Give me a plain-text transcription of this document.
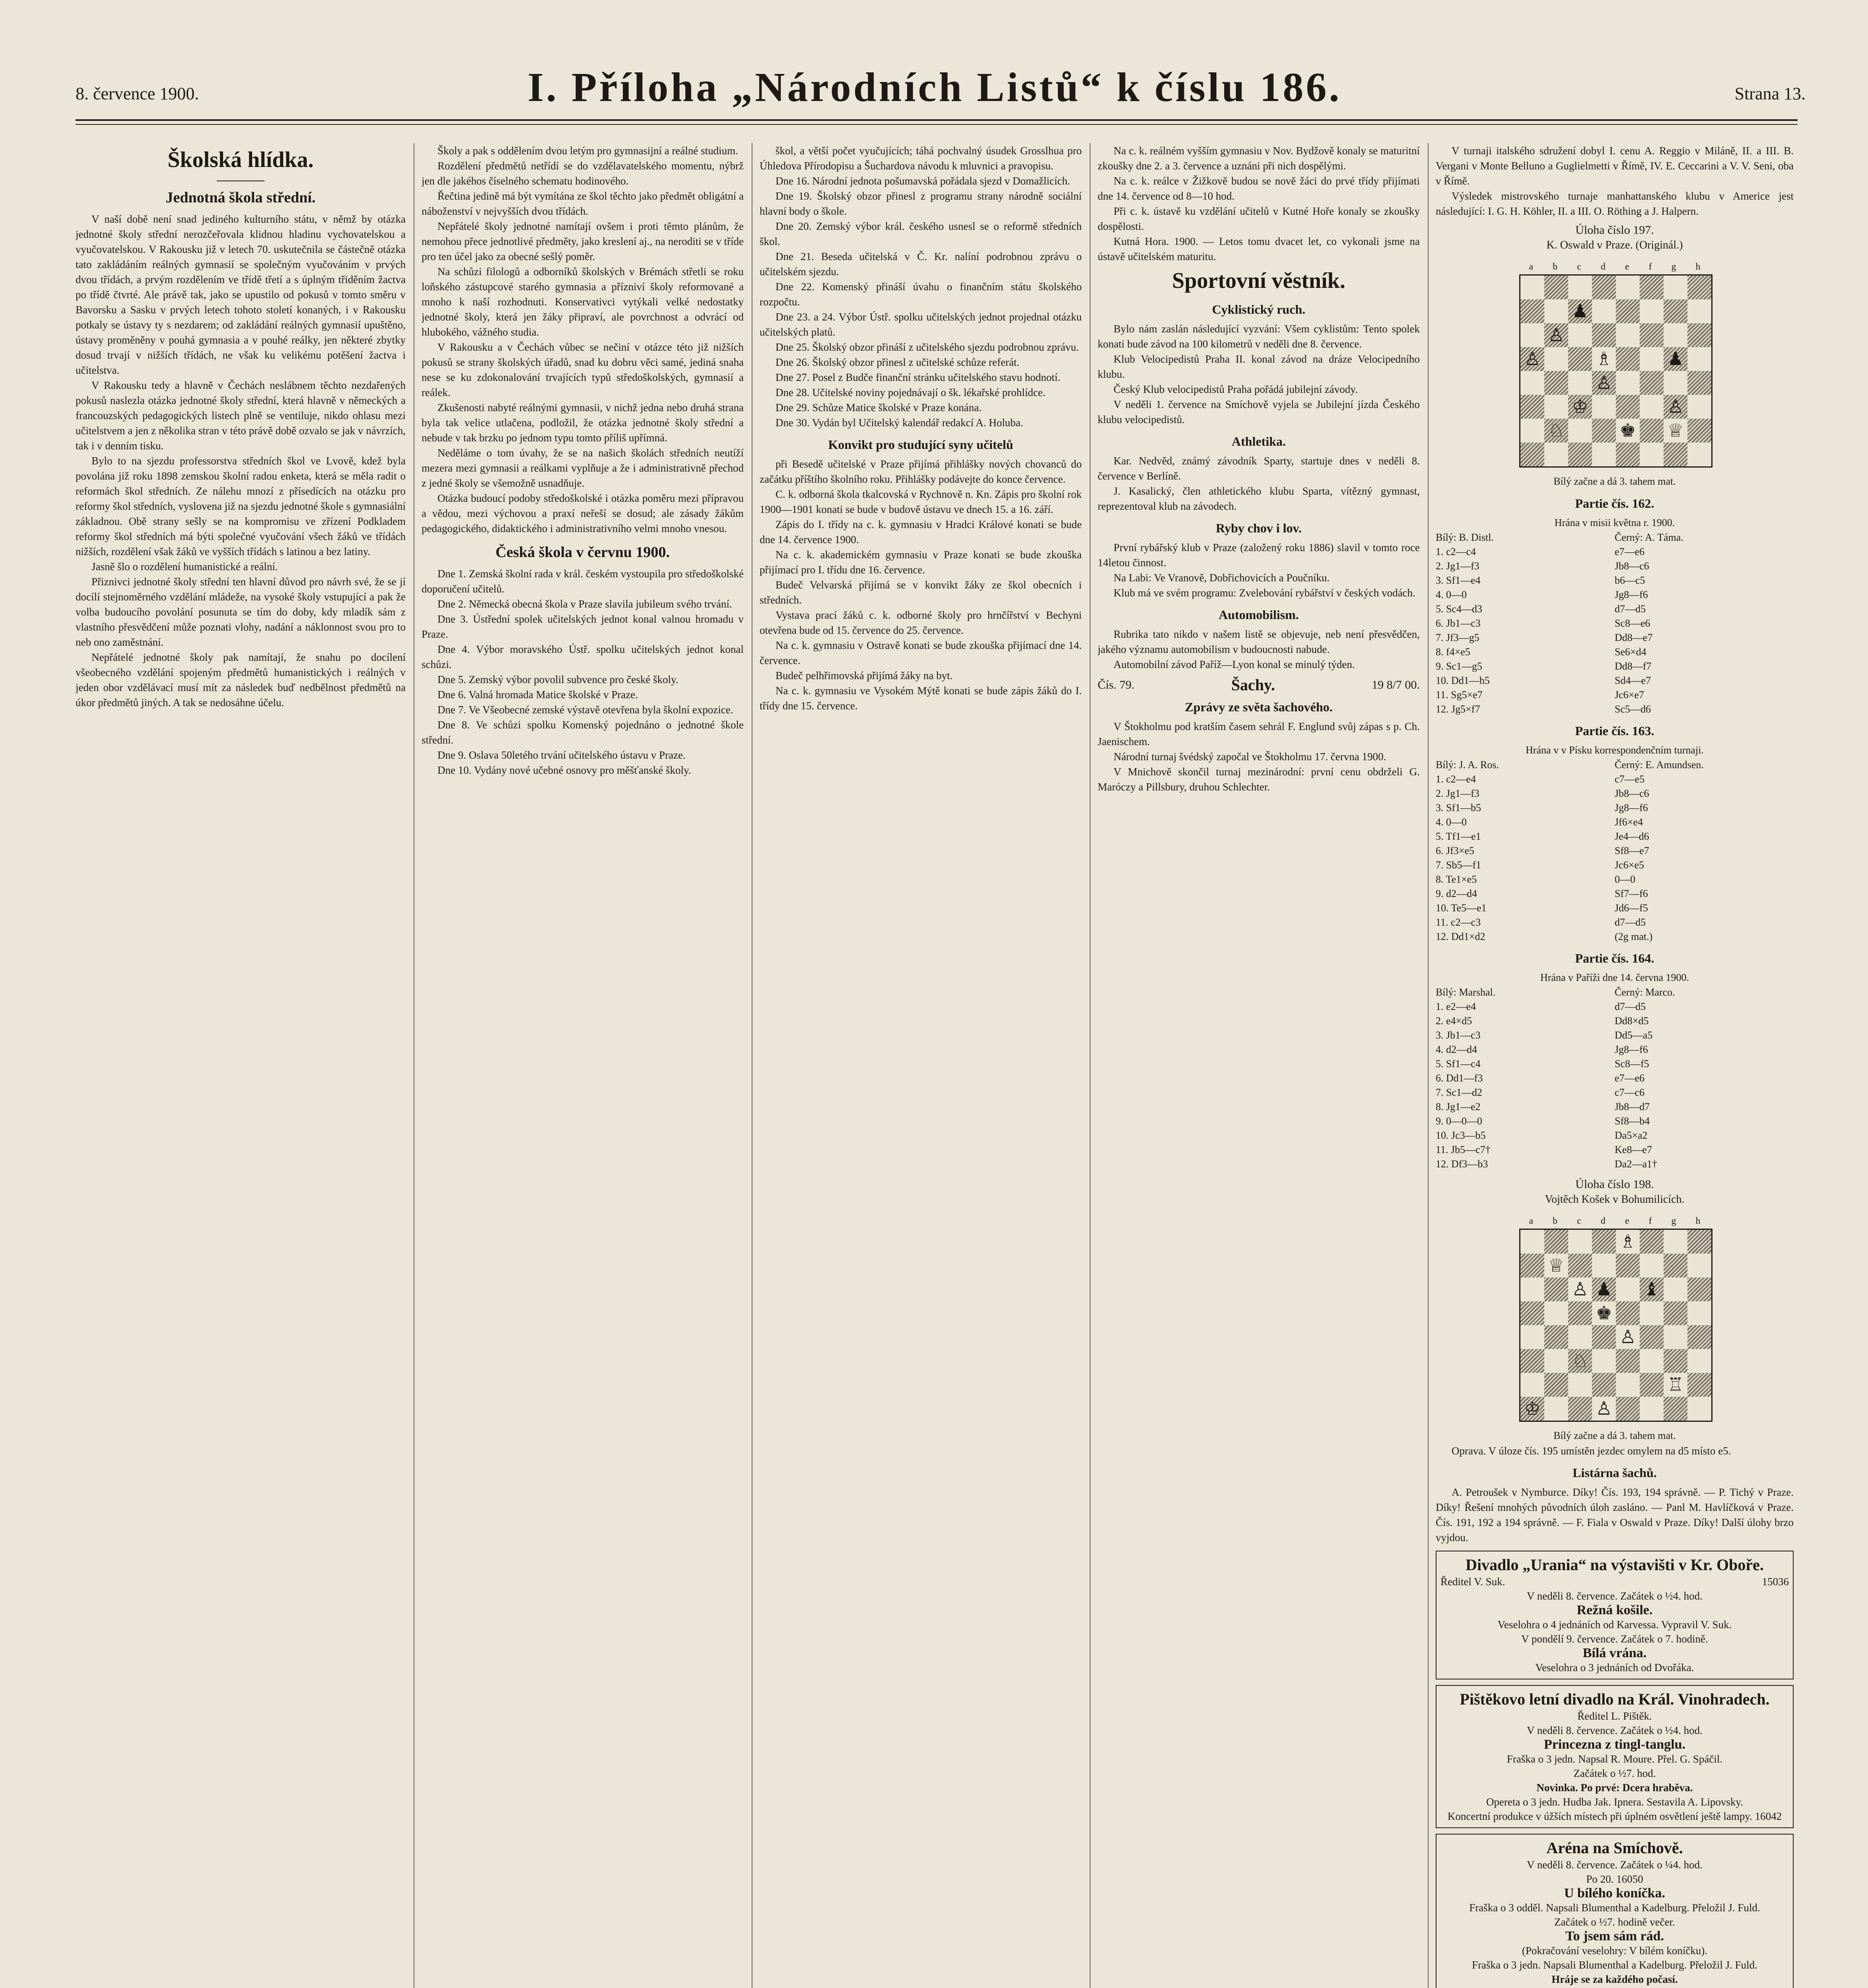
8. července 1900.	I. Příloha „Národních Listů“ k číslu 186.	Strana 13.
Školská hlídka.
Jednotná škola střední.

V naší době není snad jediného kulturního státu, v němž by otázka jednotné školy střední nerozčeřovala klidnou hladinu vychovatelskou a vyučovatelskou. V Rakousku již v letech 70. uskutečnila se částečně otázka tato zakládáním reálných gymnasií se společným vyučováním v prvých dvou třídách, a prvým rozdělením ve třídě třetí a s úplným třiděním žactva po třídě čtvrté. Ale právě tak, jako se upustilo od pokusů v tomto směru v Bavorsku a Sasku v prvých letech tohoto století konaných, i v Rakousku potkaly se ústavy ty s nezdarem; od zakládání reálných gymnasií upuštěno, ústavy proměněny v pouhá gymnasia a v pouhé reálky, jen některé zbytky dosud trvají v nižších třídách, ne však ku velikému potěšení žactva i učitelstva.

V Rakousku tedy a hlavně v Čechách neslábnem těchto nezdařených pokusů naslezla otázka jednotné školy střední, která hlavně v německých a francouzských pedagogických listech plně se ventiluje, nikdo ohlasu mezi učitelstvem a jen z několika stran v této právě době ozvalo se jak v návrzích, tak i v denním tisku.

Bylo to na sjezdu professorstva středních škol ve Lvově, kdež byla povolána již roku 1898 zemskou školní radou enketa, která se měla radit o reformách škol středních. Ze nálehu mnozí z přísedících na otázku pro reformy škol středních, vyslovena již na sjezdu jednotné škole s gymnasiální základnou. Obě strany sešly se na kompromisu ve zřízení Podkladem reformy škol středních má býti společné vyučování všech žáků ve třídách nižších, rozdělení však žáků ve vyšších třídách s latinou a bez latiny.

Jasně šlo o rozdělení humanistické a reální.

Přiznivci jednotné školy střední ten hlavní důvod pro návrh své, že se jí docílí stejnoměrného vzdělání mládeže, na vysoké školy vstupující a pak že volba budoucího povolání posunuta se tím do doby, kdy mladík sám z vlastního přesvědčení může poznati vlohy, nadání a náklonnost svou pro to neb ono zaměstnání.

Nepřátelé jednotné školy pak namítají, že snahu po docílení všeobecného vzdělání spojeným předmětů humanistických i reálných v jeden obor vzdělávací musí mít za následek buď nedbělnost předmětů na úkor předmětů jiných. A tak se nedosáhne účelu.

Školy a pak s oddělením dvou letým pro gymnasijní a reálné studium.

Rozdělení předmětů netřídí se do vzdělavatelského momentu, nýbrž jen dle jakéhos číselného schematu hodinového.

Řečtina jedině má být vymítána ze škol těchto jako předmět obligátní a náboženství v nejvyšších dvou třídách.

Nepřátelé školy jednotné namítají ovšem i proti těmto plánům, že nemohou přece jednotlivé předměty, jako kreslení aj., na neroditi se v tříde pro ten účel jako za obecné sešlý poměr.

Na schůzi filologů a odborníků školských v Brémách střetli se roku loňského zástupcové starého gymnasia a přízniví školy reformované a mnoho k naší rozhodnuti. Konservativci vytýkali velké nedostatky jednotné školy, která jen žáky připraví, ale povrchnost a odvrácí od hlubokého, vážného studia.

V Rakousku a v Čechách vůbec se nečiní v otázce této již nižších pokusů se strany školských úřadů, snad ku dobru věci samé, jediná snaha nese se ku zdokonalování trvajících typů středoškolských, gymnasií a reálek.

Zkušenosti nabyté reálnými gymnasii, v nichž jedna nebo druhá strana byla tak velice utlačena, podložil, že otázka jednotné školy střední a nebude v tak brzku po jednom typu tomto příliš upřímná.

Neděláme o tom úvahy, že se na našich školách středních neutíží mezera mezi gymnasii a reálkami vyplňuje a že i administrativně přechod z jedné školy se všemožně usnadňuje.

Otázka budoucí podoby středoškolské i otázka poměru mezi přípravou a vědou, mezi výchovou a praxí neřeší se dosud; ale zásady žákům pedagogického, didaktického i administrativního velmi mnoho vnesou.

Česká škola v červnu 1900.

Dne 1. Zemská školní rada v král. českém vystoupila pro středoškolské doporučení učitelů.

Dne 2. Německá obecná škola v Praze slavila jubileum svého trvání.

Dne 3. Ústřední spolek učitelských jednot konal valnou hromadu v Praze.

Dne 4. Výbor moravského Ústř. spolku učitelských jednot konal schůzi.

Dne 5. Zemský výbor povolil subvence pro české školy.

Dne 6. Valná hromada Matice školské v Praze.

Dne 7. Ve Všeobecné zemské výstavě otevřena byla školní expozice.

Dne 8. Ve schůzi spolku Komenský pojednáno o jednotné škole střední.

Dne 9. Oslava 50letého trvání učitelského ústavu v Praze.

Dne 10. Vydány nové učebné osnovy pro měšťanské školy.

škol, a větší počet vyučujících; táhá pochvalný úsudek Grosslhua pro Úhledova Přírodopisu a Šuchardova návodu k mluvnici a pravopisu.

Dne 16. Národní jednota pošumavská pořádala sjezd v Domažlicích.

Dne 19. Školský obzor přinesl z programu strany národně sociální hlavní body o škole.

Dne 20. Zemský výbor král. českého usnesl se o reformě středních škol.

Dne 21. Beseda učitelská v Č. Kr. nalíní podrobnou zprávu o učitelském sjezdu.

Dne 22. Komenský přináší úvahu o finančním státu školského rozpočtu.

Dne 23. a 24. Výbor Ústř. spolku učitelských jednot projednal otázku učitelských platů.

Dne 25. Školský obzor přináší z učitelského sjezdu podrobnou zprávu.

Dne 26. Školský obzor přinesl z učitelské schůze referát.

Dne 27. Posel z Budče finanční stránku učitelského stavu hodnotí.

Dne 28. Učitelské noviny pojednávají o šk. lékařské prohlídce.

Dne 29. Schůze Matice školské v Praze konána.

Dne 30. Vydán byl Učitelský kalendář redakcí A. Holuba.

Konvikt pro studující syny učitelů

při Besedě učitelské v Praze přijímá přihlášky nových chovanců do začátku příštího školního roku. Přihlášky podávejte do konce července.

C. k. odborná škola tkalcovská v Rychnově n. Kn. Zápis pro školní rok 1900—1901 konati se bude v budově ústavu ve dnech 15. a 16. září.

Zápis do I. třídy na c. k. gymnasiu v Hradci Králové konati se bude dne 14. července 1900.

Na c. k. akademickém gymnasiu v Praze konati se bude zkouška přijímací pro I. třídu dne 16. července.

Budeč Velvarská přijímá se v konvikt žáky ze škol obecních i středních.

Vystava prací žáků c. k. odborné školy pro hrnčířství v Bechyni otevřena bude od 15. července do 25. července.

Na c. k. gymnasiu v Ostravě konati se bude zkouška přijímací dne 14. července.

Budeč pelhřimovská přijímá žáky na byt.

Na c. k. gymnasiu ve Vysokém Mýtě konati se bude zápis žáků do I. třídy dne 15. července.

Na c. k. reálném vyšším gymnasiu v Nov. Bydžově konaly se maturitní zkoušky dne 2. a 3. července a uznáni při nich dospělými.

Na c. k. reálce v Žižkově budou se nově žáci do prvé třídy přijímati dne 14. července od 8—10 hod.

Při c. k. ústavě ku vzdělání učitelů v Kutné Hoře konaly se zkoušky dospělosti.

Kutná Hora. 1900. — Letos tomu dvacet let, co vykonali jsme na ústavě učitelském maturitu.

Sportovní věstník.
Cyklistický ruch.

Bylo nám zaslán následující vyzvání: Všem cyklistům: Tento spolek konati bude závod na 100 kilometrů v neděli dne 8. července.

Klub Velocipedistů Praha II. konal závod na dráze Velocipedního klubu.

Český Klub velocipedistů Praha pořádá jubilejní závody.

V neděli 1. července na Smíchově vyjela se Jubilejní jízda Českého klubu velocipedistů.

Athletika.

Kar. Nedvěd, známý závodník Sparty, startuje dnes v neděli 8. července v Berlíně.

J. Kasalický, člen athletického klubu Sparta, vítězný gymnast, reprezentoval klub na závodech.

Ryby chov i lov.

První rybářský klub v Praze (založený roku 1886) slavil v tomto roce 14letou činnost.

Na Labi: Ve Vranově, Dobřichovicích a Poučníku.

Klub má ve svém programu: Zvelebování rybářství v českých vodách.

Automobilism.

Rubrika tato nikdo v našem listě se objevuje, neb není přesvědčen, jakého významu automobilism v budoucnosti nabude.

Automobilní závod Paříž—Lyon konal se minulý týden.

Čís. 79.	Šachy.	19 8/7 00.
Zprávy ze světa šachového.

V Štokholmu pod kratším časem sehrál F. Englund svůj zápas s p. Ch. Jaenischem.

Národní turnaj švédský započal ve Štokholmu 17. června 1900.

V Mnichově skončil turnaj mezinárodní: první cenu obdrželi G. Maróczy a Pillsbury, druhou Schlechter.

V turnaji italského sdružení dobyl I. cenu A. Reggio v Miláně, II. a III. B. Vergani v Monte Belluno a Guglielmetti v Římě, IV. E. Ceccarini a V. V. Seni, oba v Římě.

Výsledek mistrovského turnaje manhattanského klubu v Americe jest následující: I. G. H. Köhler, II. a III. O. Röthing a J. Halpern.

Úloha číslo 197.
K. Oswald v Praze. (Originál.)
a b c d e f g h
♟
♙
♙	♗	♟
♙
♔	♙
♘	♚ ♕
Bílý začne a dá 3. tahem mat.
Partie čís. 162.
Hrána v misii května r. 1900.
Bílý: B. Distl.	Černý: A. Táma.
1. c2—c4	e7—e6
2. Jg1—f3	Jb8—c6
3. Sf1—e4	b6—c5
4. 0—0	Jg8—f6
5. Sc4—d3	d7—d5
6. Jb1—c3	Sc8—e6
7. Jf3—g5	Dd8—e7
8. f4×e5	Se6×d4
9. Sc1—g5	Dd8—f7
10. Dd1—h5	Sd4—e7
11. Sg5×e7	Jc6×e7
12. Jg5×f7	Sc5—d6
Partie čís. 163.
Hrána v v Písku korrespondenčním turnaji.
Bílý: J. A. Ros.	Černý: E. Amundsen.
1. c2—e4	c7—e5
2. Jg1—f3	Jb8—c6
3. Sf1—b5	Jg8—f6
4. 0—0	Jf6×e4
5. Tf1—e1	Je4—d6
6. Jf3×e5	Sf8—e7
7. Sb5—f1	Jc6×e5
8. Te1×e5	0—0
9. d2—d4	Sf7—f6
10. Te5—e1	Jd6—f5
11. c2—c3	d7—d5
12. Dd1×d2	(2g mat.)
Partie čís. 164.
Hrána v Paříži dne 14. června 1900.
Bílý: Marshal.	Černý: Marco.
1. e2—e4	d7—d5
2. e4×d5	Dd8×d5
3. Jb1—c3	Dd5—a5
4. d2—d4	Jg8—f6
5. Sf1—c4	Sc8—f5
6. Dd1—f3	e7—e6
7. Sc1—d2	c7—c6
8. Jg1—e2	Jb8—d7
9. 0—0—0	Sf8—b4
10. Jc3—b5	Da5×a2
11. Jb5—c7†	Ke8—e7
12. Df3—b3	Da2—a1†
Úloha číslo 198.
Vojtěch Košek v Bohumilicích.
a b c d e f g h
♗
♕
♙ ♟ ♝
♚
♙
♘
♖
♔	♙
Bílý začne a dá 3. tahem mat.

Oprava. V úloze čís. 195 umístěn jezdec omylem na d5 místo e5.

Listárna šachů.

A. Petroušek v Nymburce. Díky! Čís. 193, 194 správně. — P. Tichý v Praze. Díky! Řešení mnohých původních úloh zasláno. — Panl M. Havlíčková v Praze. Čís. 191, 192 a 194 správně. — F. Fiala v Oswald v Praze. Díky! Další úlohy brzo vyjdou.

Divadlo „Urania“ na výstavišti v Kr. Oboře.
Ředitel V. Suk.	15036
V neděli 8. července. Začátek o ½4. hod.
Režná košile.
Veselohra o 4 jednáních od Karvessa. Vypravil V. Suk.
V pondělí 9. července. Začátek o 7. hodině.
Bílá vrána.
Veselohra o 3 jednáních od Dvořáka.
Pištěkovo letní divadlo na Král. Vinohradech.
Ředitel L. Pištěk.
V neděli 8. července. Začátek o ½4. hod.
Princezna z tingl-tanglu.
Fraška o 3 jedn. Napsal R. Moure. Přel. G. Spáčil.
Začátek o ½7. hod.
Novinka. Po prvé: Dcera hraběva.
Opereta o 3 jedn. Hudba Jak. Ipnera. Sestavila A. Lipovsky.
Koncertní produkce v úžších místech při úplném osvětlení ještě lampy. 16042
Aréna na Smíchově.
V neděli 8. července. Začátek o ¼4. hod.
Po 20. 16050
U bílého koníčka.
Fraška o 3 odděl. Napsali Blumenthal a Kadelburg. Přeložil J. Fuld.
Začátek o ½7. hodině večer.
To jsem sám rád.
(Pokračování veselohry: V bílém koníčku).
Fraška o 3 jedn. Napsali Blumenthal a Kadelburg. Přeložil J. Fuld.
Hráje se za každého počasí.
